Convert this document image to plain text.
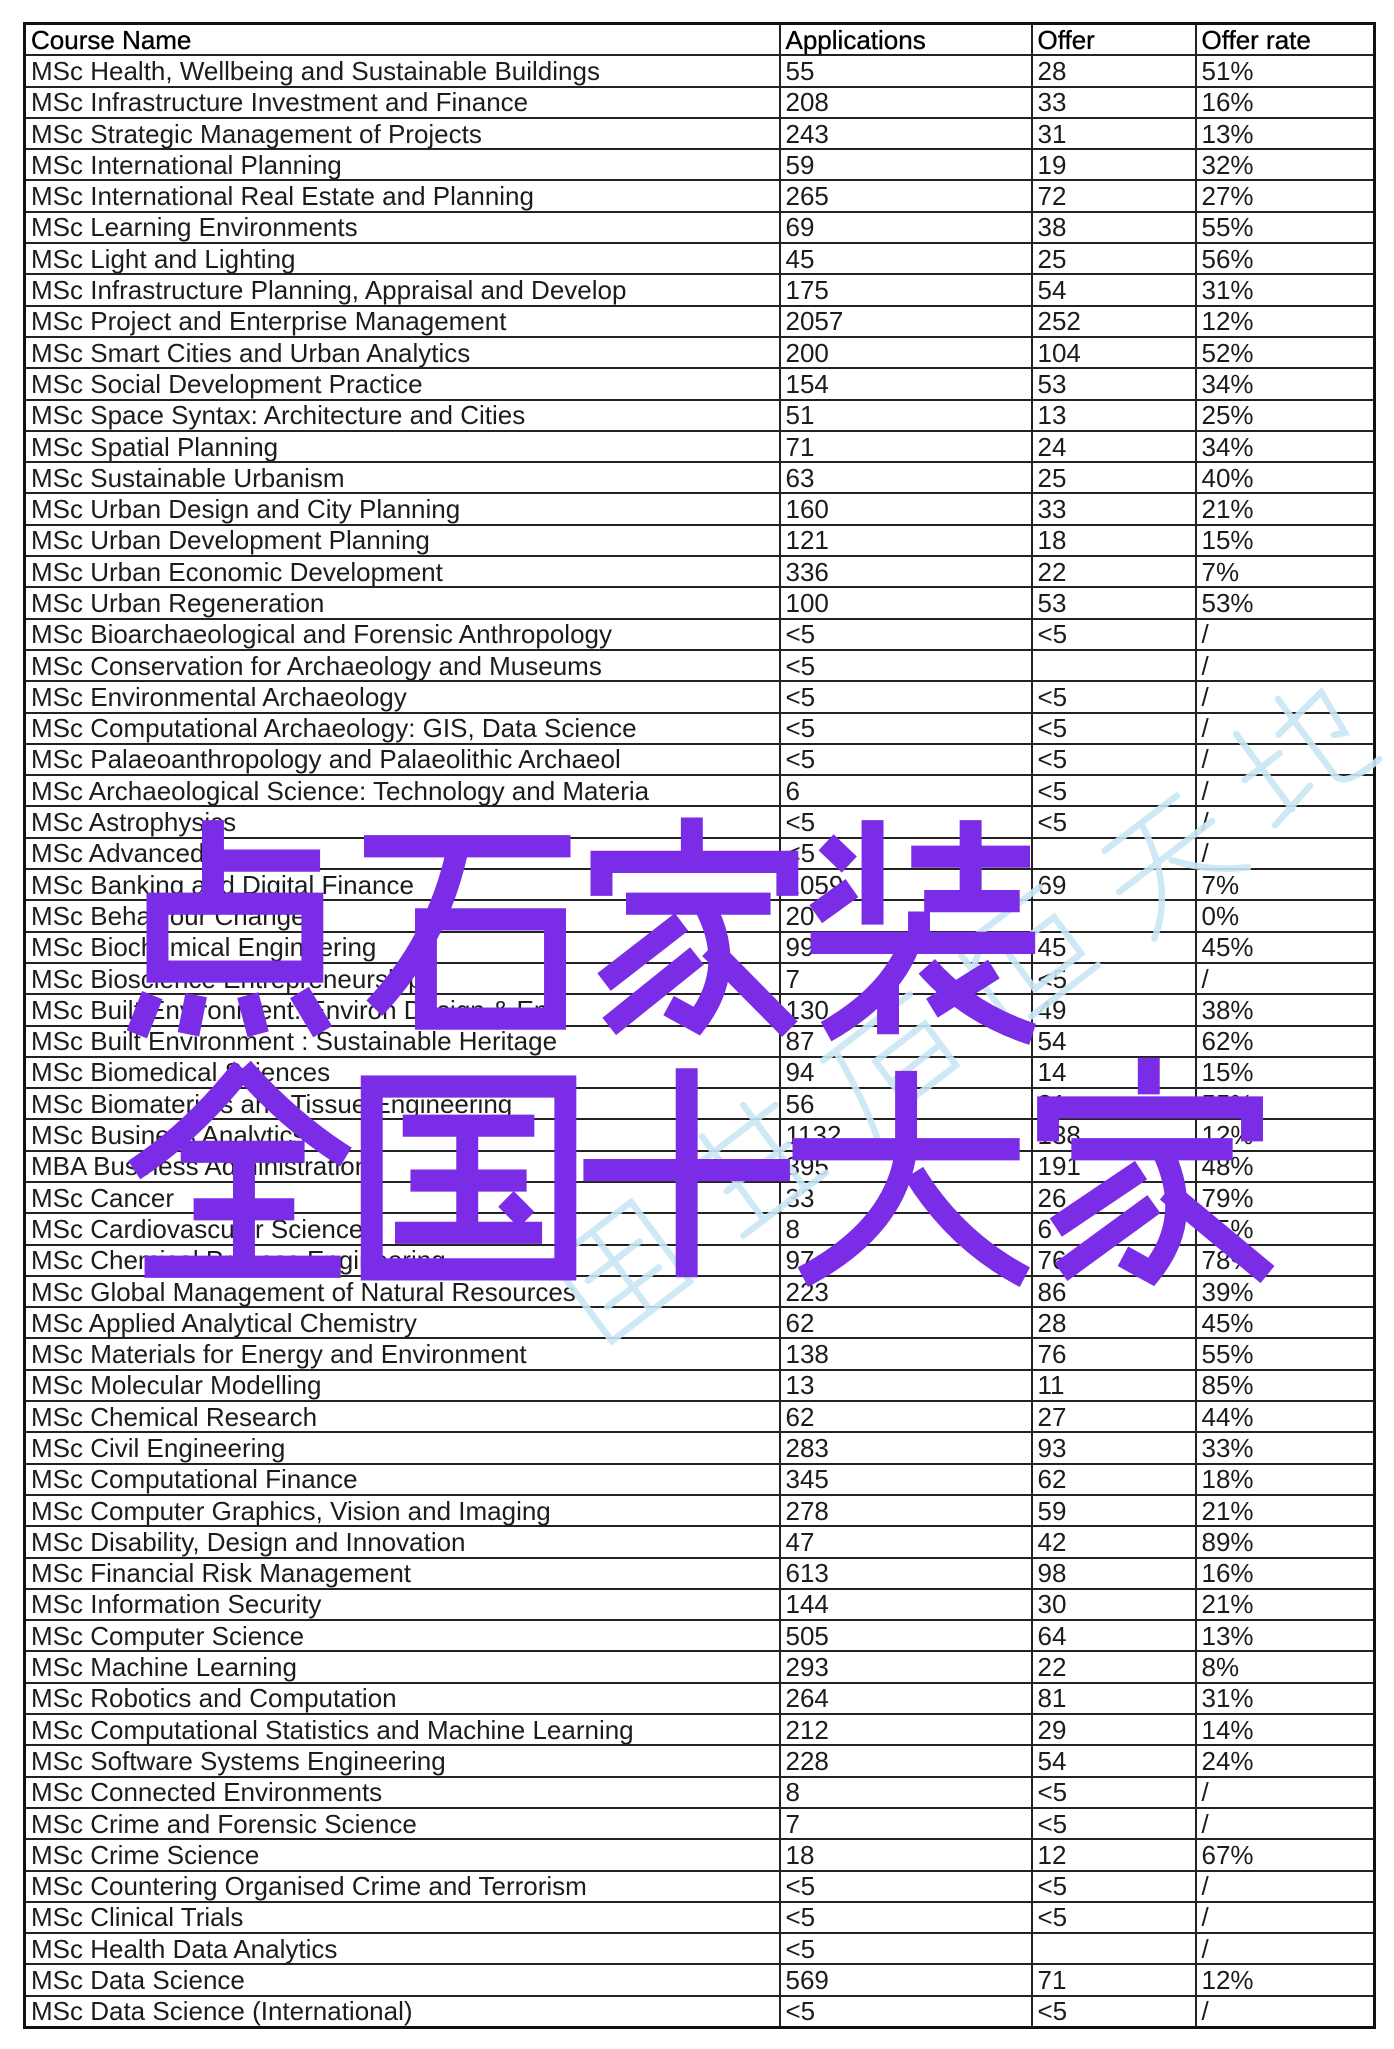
Course Name	Applications	Offer	Offer rate
MSc Health, Wellbeing and Sustainable Buildings	55	28	51%
MSc Infrastructure Investment and Finance	208	33	16%
MSc Strategic Management of Projects	243	31	13%
MSc International Planning	59	19	32%
MSc International Real Estate and Planning	265	72	27%
MSc Learning Environments	69	38	55%
MSc Light and Lighting	45	25	56%
MSc Infrastructure Planning, Appraisal and Develop	175	54	31%
MSc Project and Enterprise Management	2057	252	12%
MSc Smart Cities and Urban Analytics	200	104	52%
MSc Social Development Practice	154	53	34%
MSc Space Syntax: Architecture and Cities	51	13	25%
MSc Spatial Planning	71	24	34%
MSc Sustainable Urbanism	63	25	40%
MSc Urban Design and City Planning	160	33	21%
MSc Urban Development Planning	121	18	15%
MSc Urban Economic Development	336	22	7%
MSc Urban Regeneration	100	53	53%
MSc Bioarchaeological and Forensic Anthropology	<5	<5	/
MSc Conservation for Archaeology and Museums	<5		/
MSc Environmental Archaeology	<5	<5	/
MSc Computational Archaeology: GIS, Data Science	<5	<5	/
MSc Palaeoanthropology and Palaeolithic Archaeol	<5	<5	/
MSc Archaeological Science: Technology and Materia	6	<5	/
MSc Astrophysics	<5	<5	/
MSc Advanced	<5		/
MSc Banking and Digital Finance	1059	69	7%
MSc Behaviour Change	20		0%
MSc Biochemical Engineering	99	45	45%
MSc Bioscience Entrepreneurship	7	<5	/
MSc Built Environment: Environ Design & Eng	130	49	38%
MSc Built Environment : Sustainable Heritage	87	54	62%
MSc Biomedical Sciences	94	14	15%
MSc Biomaterials and Tissue Engineering	56	31	55%
MSc Business Analytics	1132	138	12%
MBA Business Administration	395	191	48%
MSc Cancer	33	26	79%
MSc Cardiovascular Science	8	6	75%
MSc Chemical Process Engineering	97	76	78%
MSc Global Management of Natural Resources	223	86	39%
MSc Applied Analytical Chemistry	62	28	45%
MSc Materials for Energy and Environment	138	76	55%
MSc Molecular Modelling	13	11	85%
MSc Chemical Research	62	27	44%
MSc Civil Engineering	283	93	33%
MSc Computational Finance	345	62	18%
MSc Computer Graphics, Vision and Imaging	278	59	21%
MSc Disability, Design and Innovation	47	42	89%
MSc Financial Risk Management	613	98	16%
MSc Information Security	144	30	21%
MSc Computer Science	505	64	13%
MSc Machine Learning	293	22	8%
MSc Robotics and Computation	264	81	31%
MSc Computational Statistics and Machine Learning	212	29	14%
MSc Software Systems Engineering	228	54	24%
MSc Connected Environments	8	<5	/
MSc Crime and Forensic Science	7	<5	/
MSc Crime Science	18	12	67%
MSc Countering Organised Crime and Terrorism	<5	<5	/
MSc Clinical Trials	<5	<5	/
MSc Health Data Analytics	<5		/
MSc Data Science	569	71	12%
MSc Data Science (International)	<5	<5	/
